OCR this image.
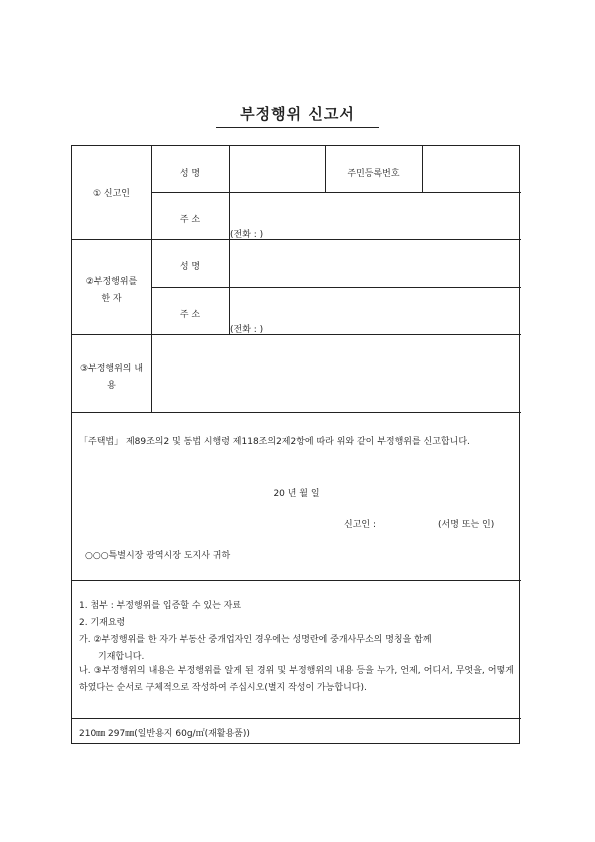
부정행위 신고서
① 신고인
성 명	주민등록번호
주 소
(전화 : )
②부정행위를
한 자
성 명
주 소
(전화 : )
③부정행위의 내
용
「주택법」 제89조의2 및 동법 시행령 제118조의2제2항에 따라 위와 같이 부정행위를 신고합니다.
20 년 월 일
신고인 :	(서명 또는 인)
○○○특별시장 광역시장 도지사 귀하
1. 첨부 : 부정행위를 입증할 수 있는 자료
2. 기재요령
가. ②부정행위를 한 자가 부동산 중개업자인 경우에는 성명란에 중개사무소의 명칭을 함께
기재합니다.
나. ③부정행위의 내용은 부정행위를 알게 된 경위 및 부정행위의 내용 등을 누가, 언제, 어디서, 무엇을, 어떻게 하였다는 순서로 구체적으로 작성하여 주십시오(별지 작성이 가능합니다).
210㎜ 297㎜(일반용지 60g/㎡(재활용품))
